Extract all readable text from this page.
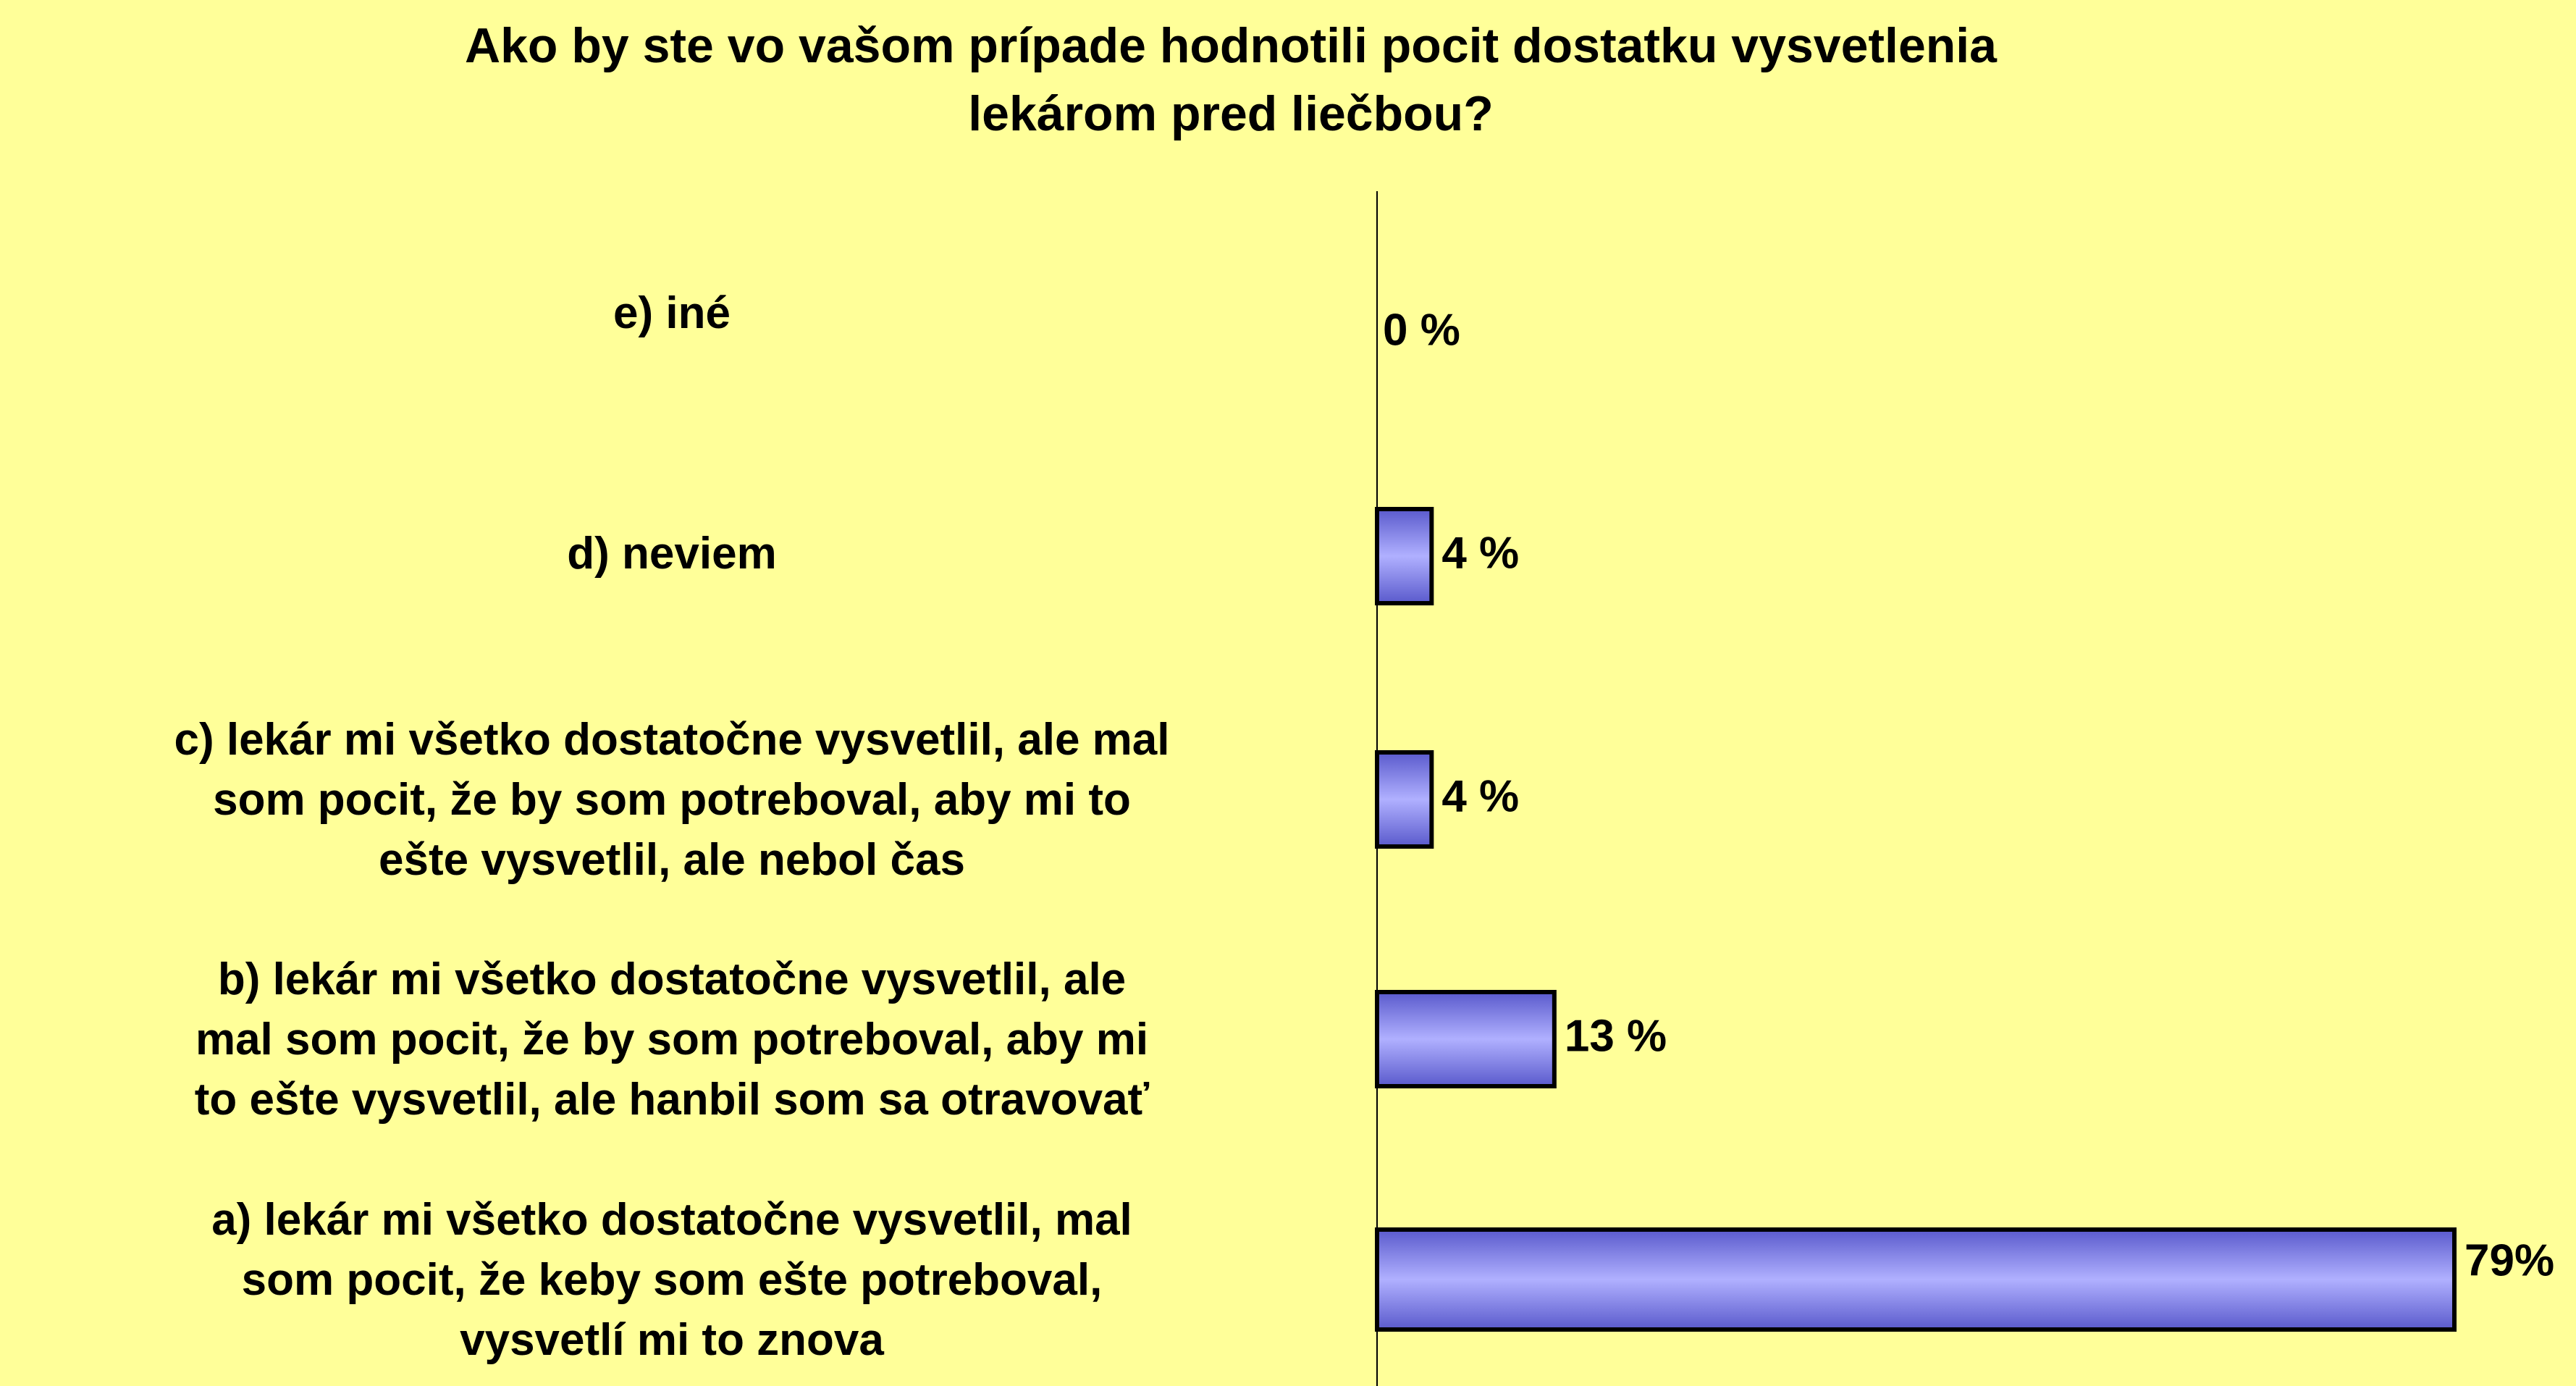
Ako by ste vo vašom prípade hodnotili pocit dostatku vysvetlenia
lekárom pred liečbou?
e) iné
d) neviem
c) lekár mi všetko dostatočne vysvetlil, ale mal
som pocit, že by som potreboval, aby mi to
ešte vysvetlil, ale nebol čas
b) lekár mi všetko dostatočne vysvetlil, ale
mal som pocit, že by som potreboval, aby mi
to ešte vysvetlil, ale hanbil som sa otravovať
a) lekár mi všetko dostatočne vysvetlil, mal
som pocit, že keby som ešte potreboval,
vysvetlí mi to znova
0 %
4 %
4 %
13 %
79%
